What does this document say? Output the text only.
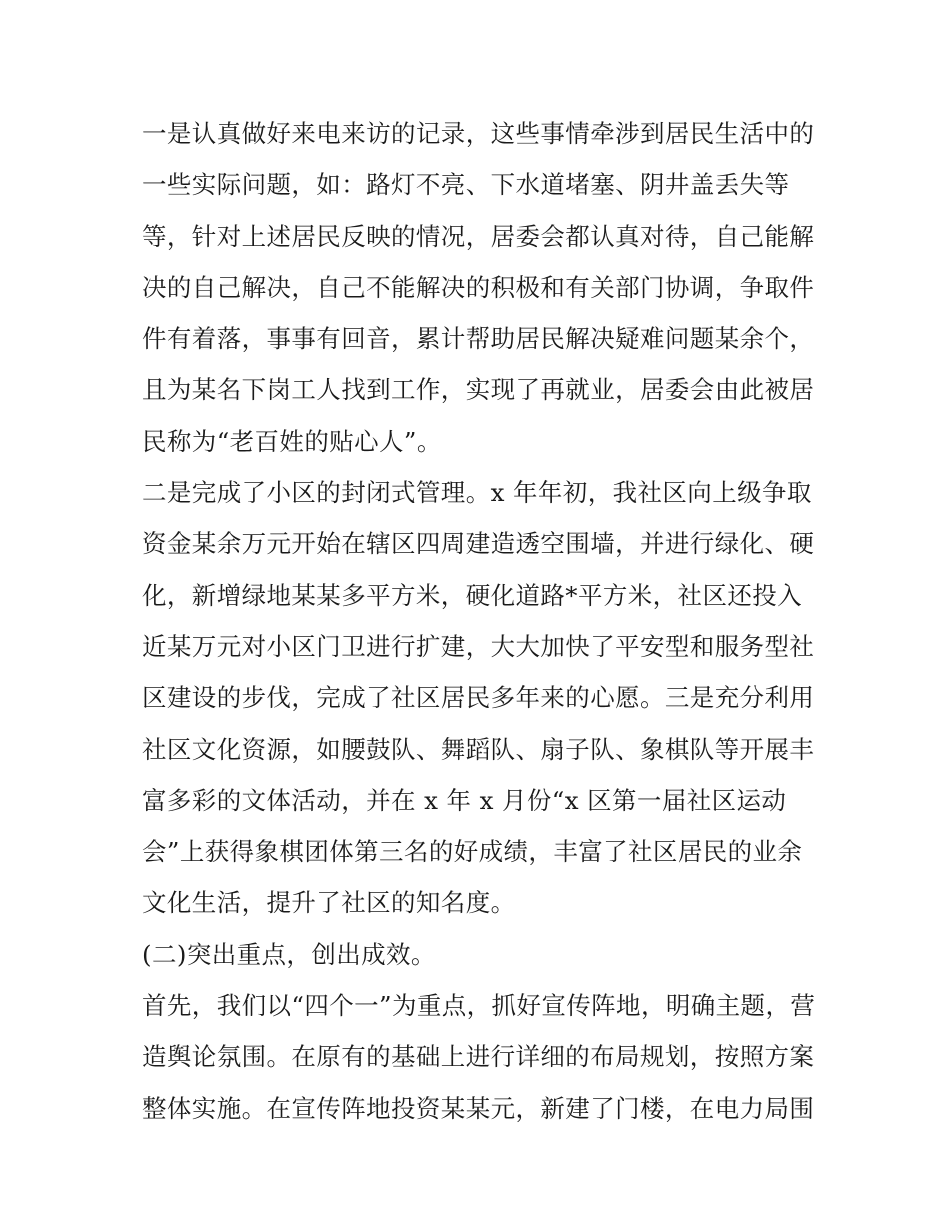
一是认真做好来电来访的记录，这些事情牵涉到居民生活中的
一些实际问题，如：路灯不亮、下水道堵塞、阴井盖丢失等
等，针对上述居民反映的情况，居委会都认真对待，自己能解
决的自己解决，自己不能解决的积极和有关部门协调，争取件
件有着落，事事有回音，累计帮助居民解决疑难问题某余个，
且为某名下岗工人找到工作，实现了再就业，居委会由此被居
民称为“老百姓的贴心人”。
二是完成了小区的封闭式管理。x 年年初，我社区向上级争取
资金某余万元开始在辖区四周建造透空围墙，并进行绿化、硬
化，新增绿地某某多平方米，硬化道路*平方米，社区还投入
近某万元对小区门卫进行扩建，大大加快了平安型和服务型社
区建设的步伐，完成了社区居民多年来的心愿。三是充分利用
社区文化资源，如腰鼓队、舞蹈队、扇子队、象棋队等开展丰
富多彩的文体活动，并在 x 年 x 月份“x 区第一届社区运动
会”上获得象棋团体第三名的好成绩，丰富了社区居民的业余
文化生活，提升了社区的知名度。
(二)突出重点，创出成效。
首先，我们以“四个一”为重点，抓好宣传阵地，明确主题，营
造舆论氛围。在原有的基础上进行详细的布局规划，按照方案
整体实施。在宣传阵地投资某某元，新建了门楼，在电力局围
